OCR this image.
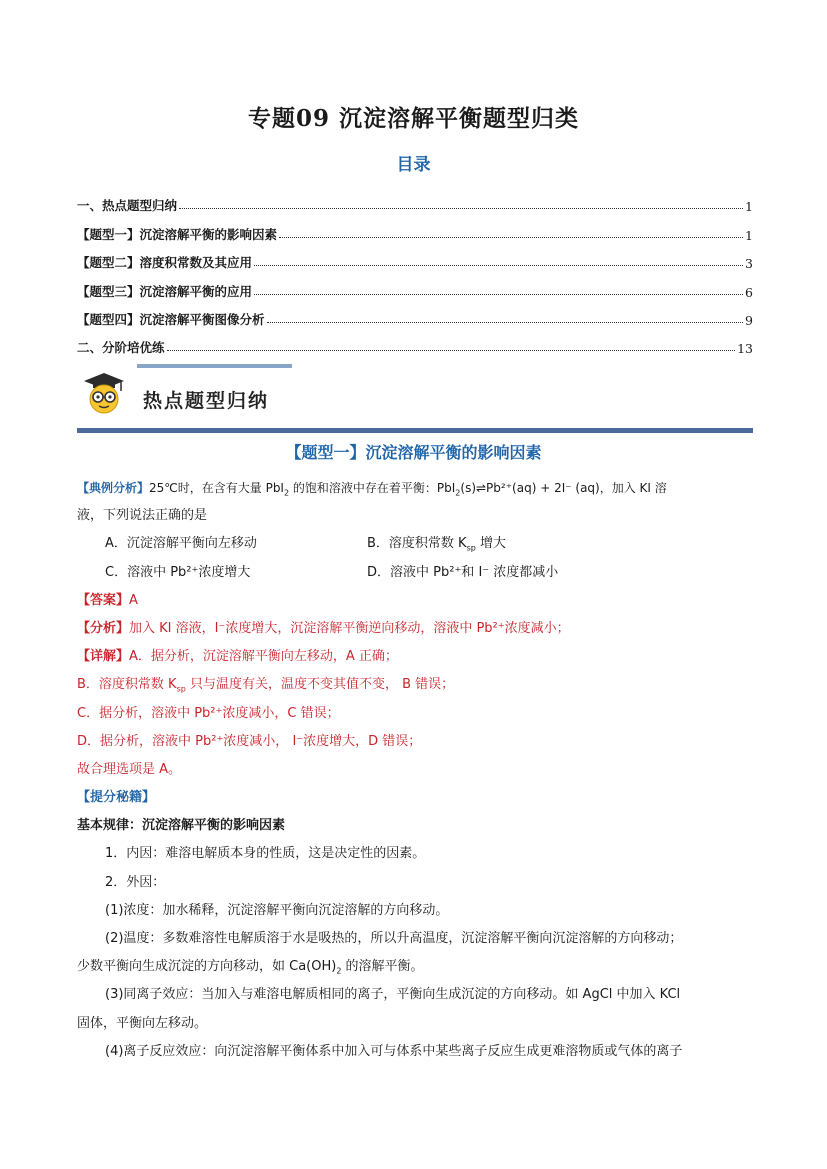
专题09 沉淀溶解平衡题型归类
目录
一、热点题型归纳	1
【题型一】沉淀溶解平衡的影响因素	1
【题型二】溶度积常数及其应用	3
【题型三】沉淀溶解平衡的应用	6
【题型四】沉淀溶解平衡图像分析	9
二、分阶培优练	13
热点题型归纳
【题型一】沉淀溶解平衡的影响因素
【典例分析】25℃时，在含有大量 PbI$_2$ 的饱和溶液中存在着平衡：PbI$_2$(s)⇌Pb²⁺(aq) + 2I⁻ (aq)，加入 KI 溶
液，下列说法正确的是
A．沉淀溶解平衡向左移动	B．溶度积常数 $K_{sp}$ 增大
C．溶液中 Pb²⁺浓度增大	D．溶液中 Pb²⁺和 I⁻ 浓度都减小
【答案】A
【分析】加入 KI 溶液，I⁻浓度增大，沉淀溶解平衡逆向移动，溶液中 Pb²⁺浓度减小；
【详解】A．据分析，沉淀溶解平衡向左移动，A 正确；
B．溶度积常数 $K_{sp}$ 只与温度有关，温度不变其值不变， B 错误；
C．据分析，溶液中 Pb²⁺浓度减小，C 错误；
D．据分析，溶液中 Pb²⁺浓度减小， I⁻浓度增大，D 错误；
故合理选项是 A。
【提分秘籍】
基本规律：沉淀溶解平衡的影响因素
1．内因：难溶电解质本身的性质，这是决定性的因素。
2．外因：
(1)浓度：加水稀释，沉淀溶解平衡向沉淀溶解的方向移动。
(2)温度：多数难溶性电解质溶于水是吸热的，所以升高温度，沉淀溶解平衡向沉淀溶解的方向移动；
少数平衡向生成沉淀的方向移动，如 $Ca(OH)_2$ 的溶解平衡。
(3)同离子效应：当加入与难溶电解质相同的离子，平衡向生成沉淀的方向移动。如 AgCl 中加入 KCl
固体，平衡向左移动。
(4)离子反应效应：向沉淀溶解平衡体系中加入可与体系中某些离子反应生成更难溶物质或气体的离子
